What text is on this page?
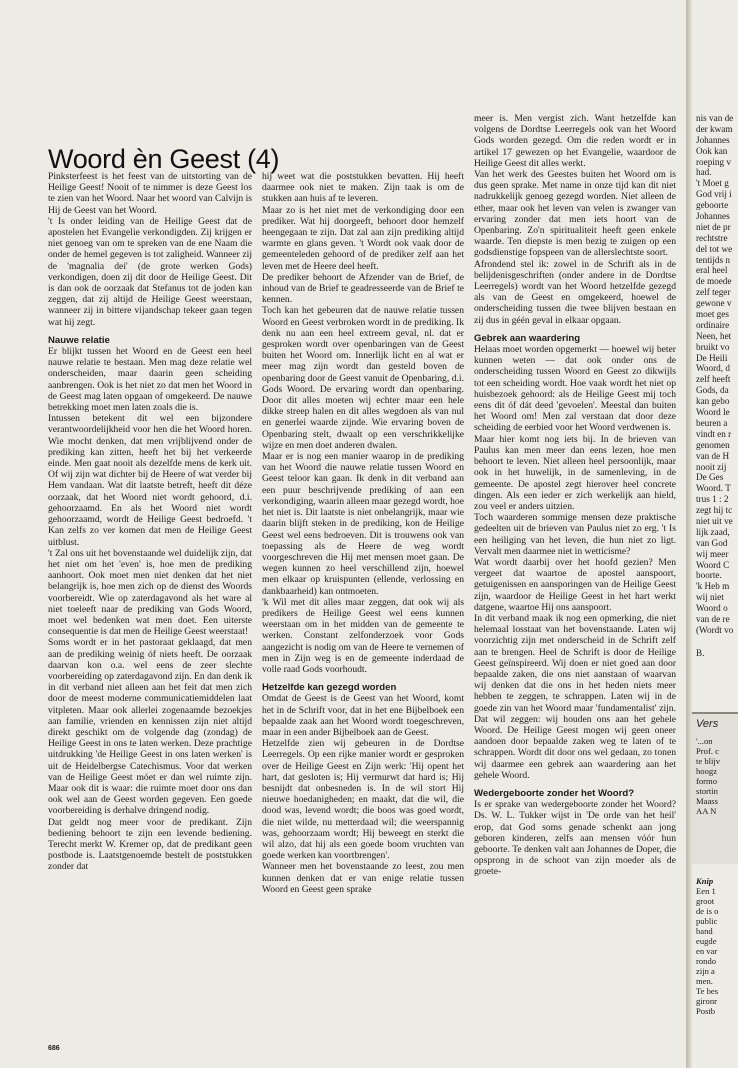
Woord èn Geest (4)

Pinksterfeest is het feest van de uitstorting van de Heilige Geest! Nooit of te nimmer is deze Geest los te zien van het Woord. Naar het woord van Calvijn is Hij de Geest van het Woord.

't Is onder leiding van de Heilige Geest dat de apostelen het Evangelie verkondigden. Zij krijgen er niet genoeg van om te spreken van de ene Naam die onder de hemel gegeven is tot zaligheid. Wanneer zij de 'magnalia dei' (de grote werken Gods) verkondigen, doen zij dit door de Heilige Geest. Dit is dan ook de oorzaak dat Stefanus tot de joden kan zeggen, dat zij altijd de Heilige Geest weerstaan, wanneer zij in bittere vijandschap tekeer gaan tegen wat hij zegt.

Nauwe relatie

Er blijkt tussen het Woord en de Geest een heel nauwe relatie te bestaan. Men mag deze relatie wel onderscheiden, maar daarin geen scheiding aanbrengen. Ook is het niet zo dat men het Woord in de Geest mag laten opgaan of omgekeerd. De nauwe betrekking moet men laten zoals die is.

Intussen betekent dit wel een bijzondere verantwoordelijkheid voor hen die het Woord horen. Wie mocht denken, dat men vrijblijvend onder de prediking kan zitten, heeft het bij het verkeerde einde. Men gaat nooit als dezelfde mens de kerk uit. Of wij zijn wat dichter bij de Heere of wat verder bij Hem vandaan. Wat dit laatste betreft, heeft dit déze oorzaak, dat het Woord niet wordt gehoord, d.i. gehoorzaamd. En als het Woord niet wordt gehoorzaamd, wordt de Heilige Geest bedroefd. 't Kan zelfs zo ver komen dat men de Heilige Geest uitblust.

't Zal ons uit het bovenstaande wel duidelijk zijn, dat het niet om het 'even' is, hoe men de prediking aanhoort. Ook moet men niet denken dat het niet belangrijk is, hoe men zich op de dienst des Woords voorbereidt. Wie op zaterdagavond als het ware al niet toeleeft naar de prediking van Gods Woord, moet wel bedenken wat men doet. Een uiterste consequentie is dat men de Heilige Geest weerstaat!

Soms wordt er in het pastoraat geklaagd, dat men aan de prediking weinig óf niets heeft. De oorzaak daarvan kon o.a. wel eens de zeer slechte voorbereiding op zaterdagavond zijn. En dan denk ik in dit verband niet alleen aan het feit dat men zich door de meest moderne communicatiemiddelen laat vitpleten. Maar ook allerlei zogenaamde bezoekjes aan familie, vrienden en kennissen zijn niet altijd direkt geschikt om de volgende dag (zondag) de Heilige Geest in ons te laten werken. Deze prachtige uitdrukking 'de Heilige Geest in ons laten werken' is uit de Heidelbergse Catechismus. Voor dat werken van de Heilige Geest móet er dan wel ruimte zijn. Maar ook dit is waar: die ruimte moet door ons dan ook wel aan de Geest worden gegeven. Een goede voorbereiding is derhalve dringend nodig.

Dat geldt nog meer voor de predikant. Zijn bediening behoort te zijn een levende bediening. Terecht merkt W. Kremer op, dat de predikant geen postbode is. Laatstgenoemde bestelt de poststukken zonder dat

hij weet wat die poststukken bevatten. Hij heeft daarmee ook niet te maken. Zijn taak is om de stukken aan huis af te leveren.

Maar zo is het niet met de verkondiging door een prediker. Wat hij doorgeeft, behoort door hemzelf heengegaan te zijn. Dat zal aan zijn prediking altijd warmte en glans geven. 't Wordt ook vaak door de gemeenteleden gehoord of de prediker zelf aan het leven met de Heere deel heeft.

De prediker behoort de Afzender van de Brief, de inhoud van de Brief te geadresseerde van de Brief te kennen.

Toch kan het gebeuren dat de nauwe relatie tussen Woord en Geest verbroken wordt in de prediking. Ik denk nu aan een heel extreem geval, nl. dat er gesproken wordt over openbaringen van de Geest buiten het Woord om. Innerlijk licht en al wat er meer mag zijn wordt dan gesteld boven de openbaring door de Geest vanuit de Openbaring, d.i. Gods Woord. De ervaring wordt dan openbaring. Door dit alles moeten wij echter maar een hele dikke streep halen en dit alles wegdoen als van nul en generlei waarde zijnde. Wie ervaring boven de Openbaring stelt, dwaalt op een verschrikkelijke wijze en men doet anderen dwalen.

Maar er is nog een manier waarop in de prediking van het Woord die nauwe relatie tussen Woord en Geest teloor kan gaan. Ik denk in dit verband aan een puur beschrijvende prediking of aan een verkondiging, waarin alleen maar gezegd wordt, hoe het niet is. Dit laatste is niet onbelangrijk, maar wie daarin blijft steken in de prediking, kon de Heilige Geest wel eens bedroeven. Dit is trouwens ook van toepassing als de Heere de weg wordt voorgeschreven die Hij met mensen moet gaan. De wegen kunnen zo heel verschillend zijn, hoewel men elkaar op kruispunten (ellende, verlossing en dankbaarheid) kan ontmoeten.

'k Wil met dit alles maar zeggen, dat ook wij als predikers de Heilige Geest wel eens kunnen weerstaan om in het midden van de gemeente te werken. Constant zelfonderzoek voor Gods aangezicht is nodig om van de Heere te vernemen of men in Zijn weg is en de gemeente inderdaad de volle raad Gods voorhoudt.

Hetzelfde kan gezegd worden

Omdat de Geest is de Geest van het Woord, komt het in de Schrift voor, dat in het ene Bijbelboek een bepaalde zaak aan het Woord wordt toegeschreven, maar in een ander Bijbelboek aan de Geest.

Hetzelfde zien wij gebeuren in de Dordtse Leerregels. Op een rijke manier wordt er gesproken over de Heilige Geest en Zijn werk: 'Hij opent het hart, dat gesloten is; Hij vermurwt dat hard is; Hij besnijdt dat onbesneden is. In de wil stort Hij nieuwe hoedanigheden; en maakt, dat die wil, die dood was, levend wordt; die boos was goed wordt, die niet wilde, nu metterdaad wil; die weerspannig was, gehoorzaam wordt; Hij beweegt en sterkt die wil alzo, dat hij als een goede boom vruchten van goede werken kan voortbrengen'.

Wanneer men het bovenstaande zo leest, zou men kunnen denken dat er van enige relatie tussen Woord en Geest geen sprake

meer is. Men vergist zich. Want hetzelfde kan volgens de Dordtse Leerregels ook van het Woord Gods worden gezegd. Om die reden wordt er in artikel 17 gewezen op het Evangelie, waardoor de Heilige Geest dit alles werkt.

Van het werk des Geestes buiten het Woord om is dus geen sprake. Met name in onze tijd kan dit niet nadrukkelijk genoeg gezegd worden. Niet alleen de ether, maar ook het leven van velen is zwanger van ervaring zonder dat men iets hoort van de Openbaring. Zo'n spiritualiteit heeft geen enkele waarde. Ten diepste is men bezig te zuigen op een godsdienstige fopspeen van de allerslechtste soort.

Afrondend stel ik: zowel in de Schrift als in de belijdenisgeschriften (onder andere in de Dordtse Leerregels) wordt van het Woord hetzelfde gezegd als van de Geest en omgekeerd, hoewel de onderscheiding tussen die twee blijven bestaan en zij dus in géén geval in elkaar opgaan.

Gebrek aan waardering

Helaas moet worden opgemerkt — hoewel wij beter kunnen weten — dat ook onder ons de onderscheiding tussen Woord en Geest zo dikwijls tot een scheiding wordt. Hoe vaak wordt het niet op huisbezoek gehoord: als de Heilige Geest mij toch eens dit óf dát deed 'gevoelen'. Meestal dan buiten het Woord om! Men zal verstaan dat door deze scheiding de eerbied voor het Woord verdwenen is.

Maar hier komt nog iets bij. In de brieven van Paulus kan men meer dan eens lezen, hoe men behoort te leven. Niet alleen heel persoonlijk, maar ook in het huwelijk, in de samenleving, in de gemeente. De apostel zegt hierover heel concrete dingen. Als een ieder er zich werkelijk aan hield, zou veel er anders uitzien.

Toch waarderen sommige mensen deze praktische gedeelten uit de brieven van Paulus niet zo erg. 't Is een heiliging van het leven, die hun niet zo ligt. Vervalt men daarmee niet in wetticisme?

Wat wordt daarbij over het hoofd gezien? Men vergeet dat waartoe de apostel aanspoort, getuigenissen en aansporingen van de Heilige Geest zijn, waardoor de Heilige Geest in het hart werkt datgene, waartoe Hij ons aanspoort.

In dit verband maak ik nog een opmerking, die niet helemaal losstaat van het bovenstaande. Laten wij voorzichtig zijn met onderscheid in de Schrift zelf aan te brengen. Heel de Schrift is door de Heilige Geest geïnspireerd. Wij doen er niet goed aan door bepaalde zaken, die ons niet aanstaan of waarvan wij denken dat die ons in het heden niets meer hebben te zeggen, te schrappen. Laten wij in de goede zin van het Woord maar 'fundamentalist' zijn. Dat wil zeggen: wij houden ons aan het gehele Woord. De Heilige Geest mogen wij geen oneer aandoen door bepaalde zaken weg te laten of te schrappen. Wordt dit door ons wel gedaan, zo tonen wij daarmee een gebrek aan waardering aan het gehele Woord.

Wedergeboorte zonder het Woord?

Is er sprake van wedergeboorte zonder het Woord? Ds. W. L. Tukker wijst in 'De orde van het heil' erop, dat God soms genade schenkt aan jong geboren kinderen, zelfs aan mensen vóór hun geboorte. Te denken valt aan Johannes de Doper, die opsprong in de schoot van zijn moeder als de groete-

686
nis van de
der kwam
Johannes
Ook kan
roeping v
had.
't Moet g
God vrij i
geboorte
Johannes
niet de pr
rechtstre
del tot we
tentijds n
eral heel
de moede
zelf teger
gewone v
moet ges
ordinaire
Neen, het
bruikt vo
De Heili
Woord, d
zelf heeft
Gods, da
kan gebo
Woord le
beuren a
vindt en r
genomen
van de H
nooit zij
De Ges
Woord. T
trus 1 : 2
zegt hij tc
niet uit ve
lijk zaad,
van God
wij meer
Woord C
boorte.
'k Heb m
wij niet
Woord o
van de re
(Wordt vo
B.
Vers
'...on
Prof. c
te blijv
hoogz
formo
stortin
Maass
AA N
Knip
Een 1
groot
de is o
public
band
eugde
en var
rondo
zijn a
men.
Te bes
gironr
Postb
